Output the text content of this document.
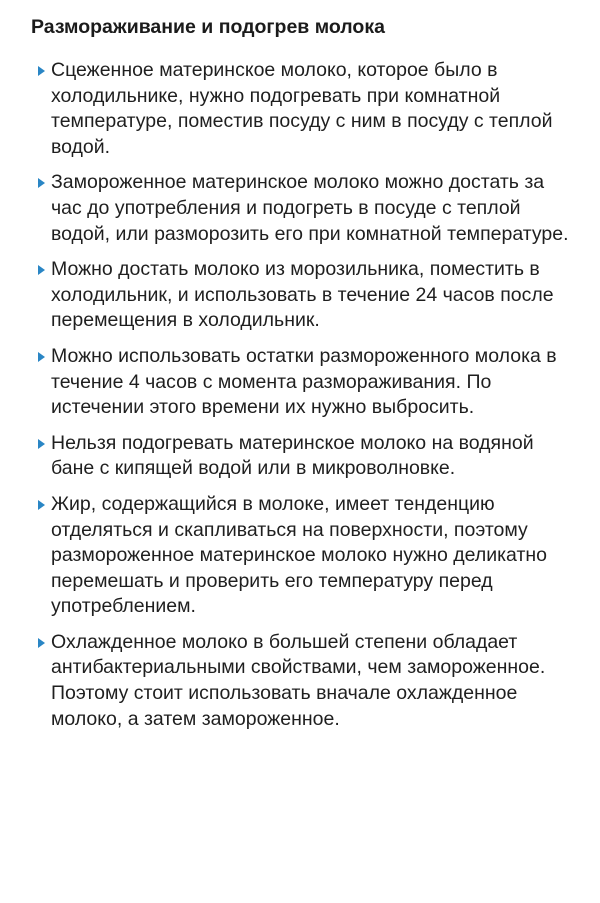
Размораживание и подогрев молока
Сцеженное материнское молоко, которое было в холодильнике, нужно подогревать при комнатной температуре, поместив посуду с ним в посуду с теплой водой.
Замороженное материнское молоко можно достать за час до употребления и подогреть в посуде с теплой водой, или разморозить его при комнатной температуре.
Можно достать молоко из морозильника, поместить в холодильник, и использовать в течение 24 часов после перемещения в холодильник.
Можно использовать остатки размороженного молока в течение 4 часов с момента размораживания. По истечении этого времени их нужно выбросить.
Нельзя подогревать материнское молоко на водяной бане с кипящей водой или в микроволновке.
Жир, содержащийся в молоке, имеет тенденцию отделяться и скапливаться на поверхности, поэтому размороженное материнское молоко нужно деликатно перемешать и проверить его температуру перед употреблением.
Охлажденное молоко в большей степени обладает антибактериальными свойствами, чем замороженное. Поэтому стоит использовать вначале охлажденное молоко, а затем замороженное.
